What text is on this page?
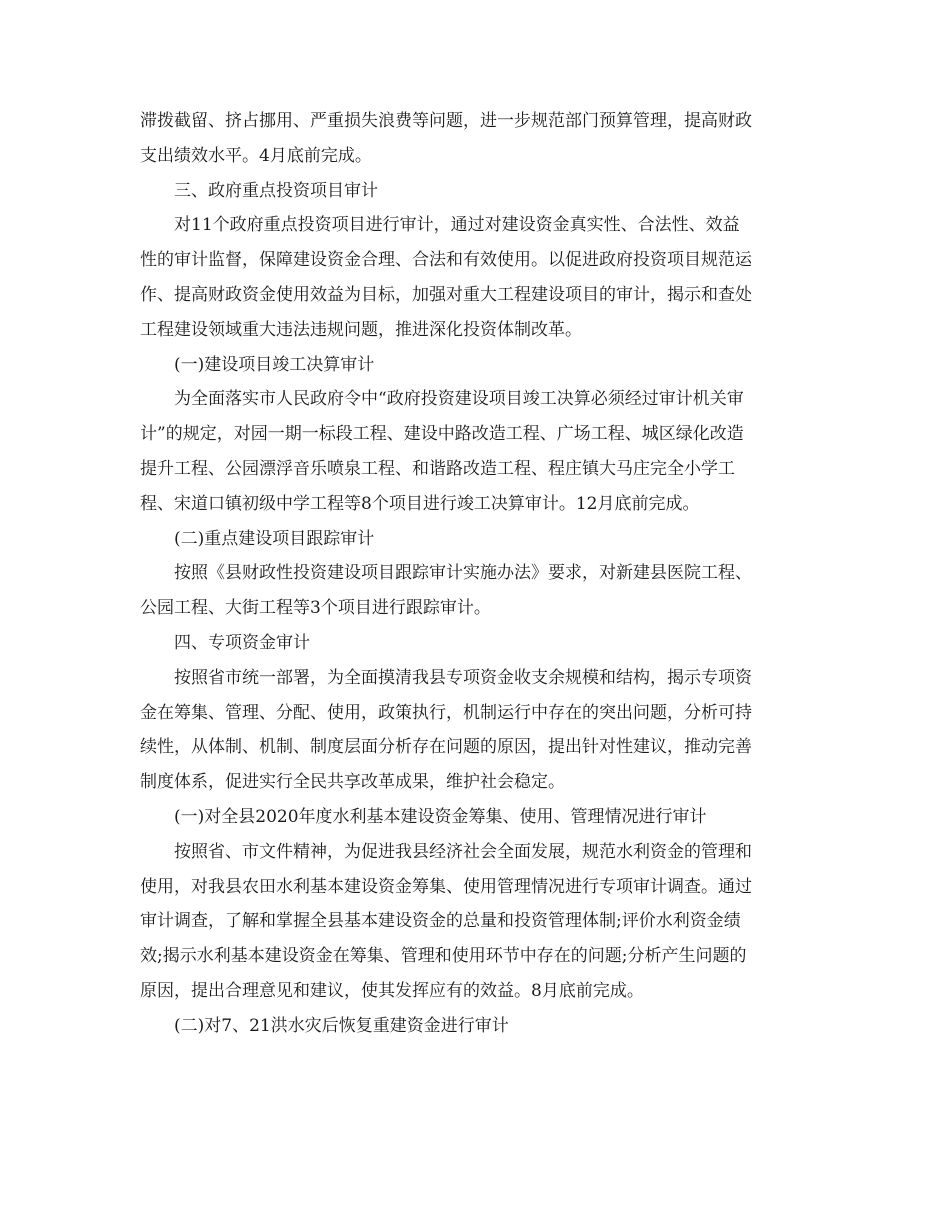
滞拨截留、挤占挪用、严重损失浪费等问题，进一步规范部门预算管理，提高财政
支出绩效水平。4月底前完成。
三、政府重点投资项目审计
对11个政府重点投资项目进行审计，通过对建设资金真实性、合法性、效益
性的审计监督，保障建设资金合理、合法和有效使用。以促进政府投资项目规范运
作、提高财政资金使用效益为目标，加强对重大工程建设项目的审计，揭示和查处
工程建设领域重大违法违规问题，推进深化投资体制改革。
(一)建设项目竣工决算审计
为全面落实市人民政府令中“政府投资建设项目竣工决算必须经过审计机关审
计”的规定，对园一期一标段工程、建设中路改造工程、广场工程、城区绿化改造
提升工程、公园漂浮音乐喷泉工程、和谐路改造工程、程庄镇大马庄完全小学工
程、宋道口镇初级中学工程等8个项目进行竣工决算审计。12月底前完成。
(二)重点建设项目跟踪审计
按照《县财政性投资建设项目跟踪审计实施办法》要求，对新建县医院工程、
公园工程、大街工程等3个项目进行跟踪审计。
四、专项资金审计
按照省市统一部署，为全面摸清我县专项资金收支余规模和结构，揭示专项资
金在筹集、管理、分配、使用，政策执行，机制运行中存在的突出问题，分析可持
续性，从体制、机制、制度层面分析存在问题的原因，提出针对性建议，推动完善
制度体系，促进实行全民共享改革成果，维护社会稳定。
(一)对全县2020年度水利基本建设资金筹集、使用、管理情况进行审计
按照省、市文件精神，为促进我县经济社会全面发展，规范水利资金的管理和
使用，对我县农田水利基本建设资金筹集、使用管理情况进行专项审计调查。通过
审计调查，了解和掌握全县基本建设资金的总量和投资管理体制;评价水利资金绩
效;揭示水利基本建设资金在筹集、管理和使用环节中存在的问题;分析产生问题的
原因，提出合理意见和建议，使其发挥应有的效益。8月底前完成。
(二)对7、21洪水灾后恢复重建资金进行审计
